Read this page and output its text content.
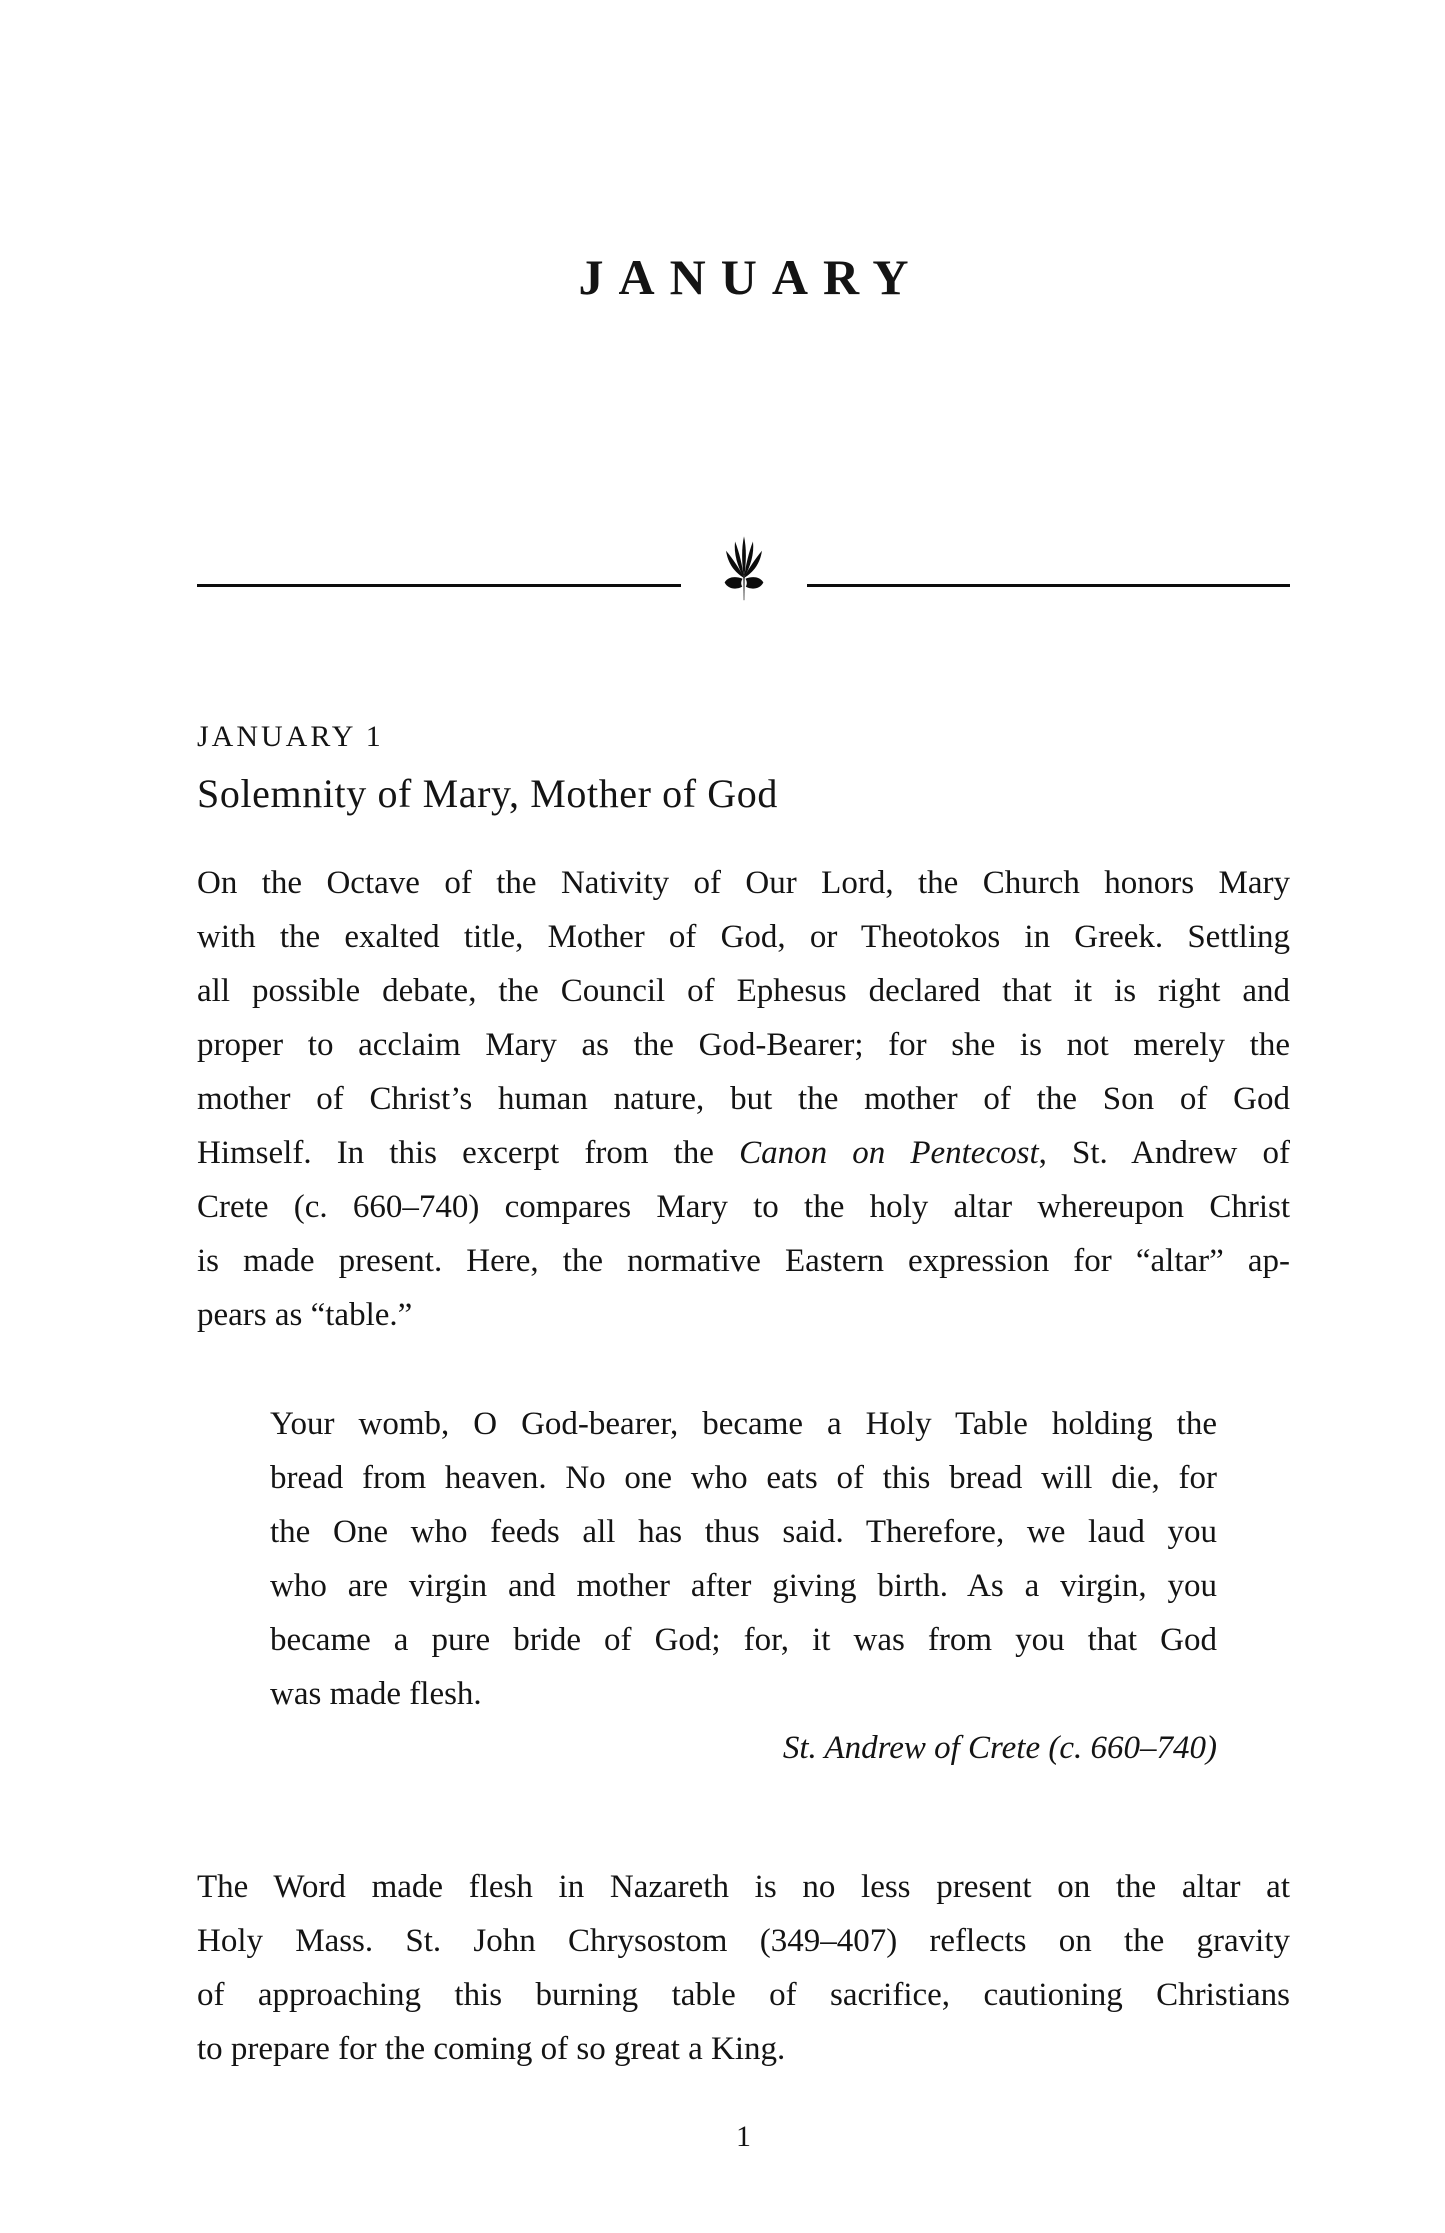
JANUARY
JANUARY 1
Solemnity of Mary, Mother of God
On the Octave of the Nativity of Our Lord, the Church honors Mary
with the exalted title, Mother of God, or Theotokos in Greek. Settling
all possible debate, the Council of Ephesus declared that it is right and
proper to acclaim Mary as the God-Bearer; for she is not merely the
mother of Christ’s human nature, but the mother of the Son of God
Himself. In this excerpt from the Canon on Pentecost, St. Andrew of
Crete (c. 660–740) compares Mary to the holy altar whereupon Christ
is made present. Here, the normative Eastern expression for “altar” ap-
pears as “table.”
Your womb, O God-bearer, became a Holy Table holding the
bread from heaven. No one who eats of this bread will die, for
the One who feeds all has thus said. Therefore, we laud you
who are virgin and mother after giving birth. As a virgin, you
became a pure bride of God; for, it was from you that God
was made flesh.
St. Andrew of Crete (c. 660–740)
The Word made flesh in Nazareth is no less present on the altar at
Holy Mass. St. John Chrysostom (349–407) reflects on the gravity
of approaching this burning table of sacrifice, cautioning Christians
to prepare for the coming of so great a King.
1
